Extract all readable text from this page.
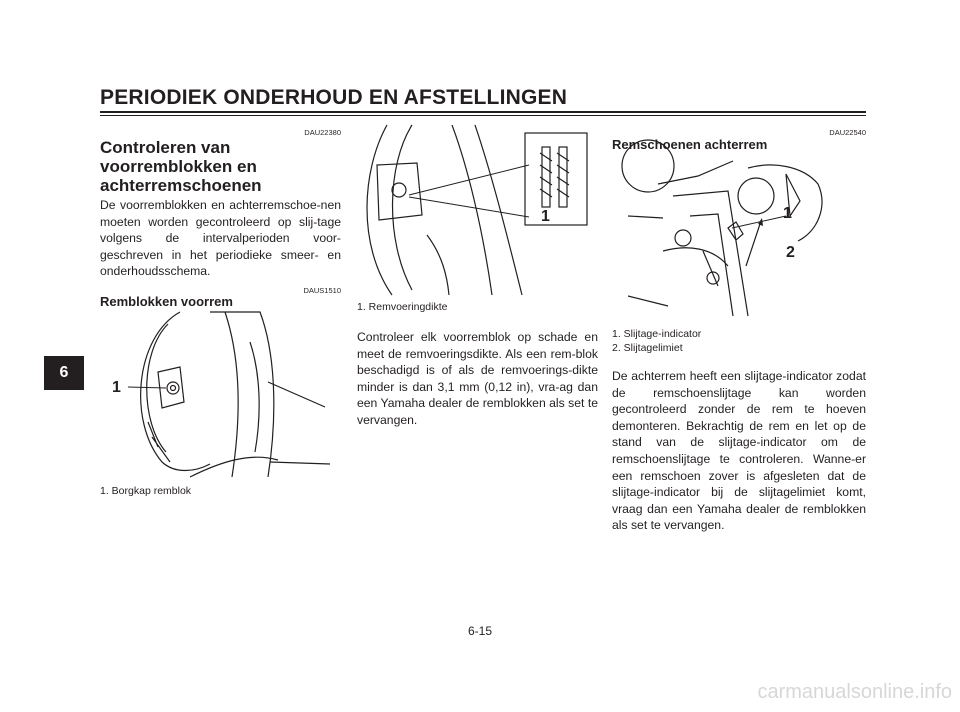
PERIODIEK ONDERHOUD EN AFSTELLINGEN
6
DAU22380
Controleren van voorremblokken en achterremschoenen
De voorremblokken en achterremschoe-nen moeten worden gecontroleerd op slij-tage volgens de intervalperioden voor-geschreven in het periodieke smeer- en onderhoudsschema.
DAUS1510
Remblokken voorrem
1
1. Borgkap remblok
1
1. Remvoeringdikte
Controleer elk voorremblok op schade en meet de remvoeringsdikte. Als een rem-blok beschadigd is of als de remvoerings-dikte minder is dan 3,1 mm (0,12 in), vra-ag dan een Yamaha dealer de remblokken als set te vervangen.
DAU22540
Remschoenen achterrem
1
2
1. Slijtage-indicator
2. Slijtagelimiet
De achterrem heeft een slijtage-indicator zodat de remschoenslijtage kan worden gecontroleerd zonder de rem te hoeven demonteren. Bekrachtig de rem en let op de stand van de slijtage-indicator om de remschoenslijtage te controleren. Wanne-er een remschoen zover is afgesleten dat de slijtage-indicator bij de slijtagelimiet komt, vraag dan een Yamaha dealer de remblokken als set te vervangen.
6-15
carmanualsonline.info
